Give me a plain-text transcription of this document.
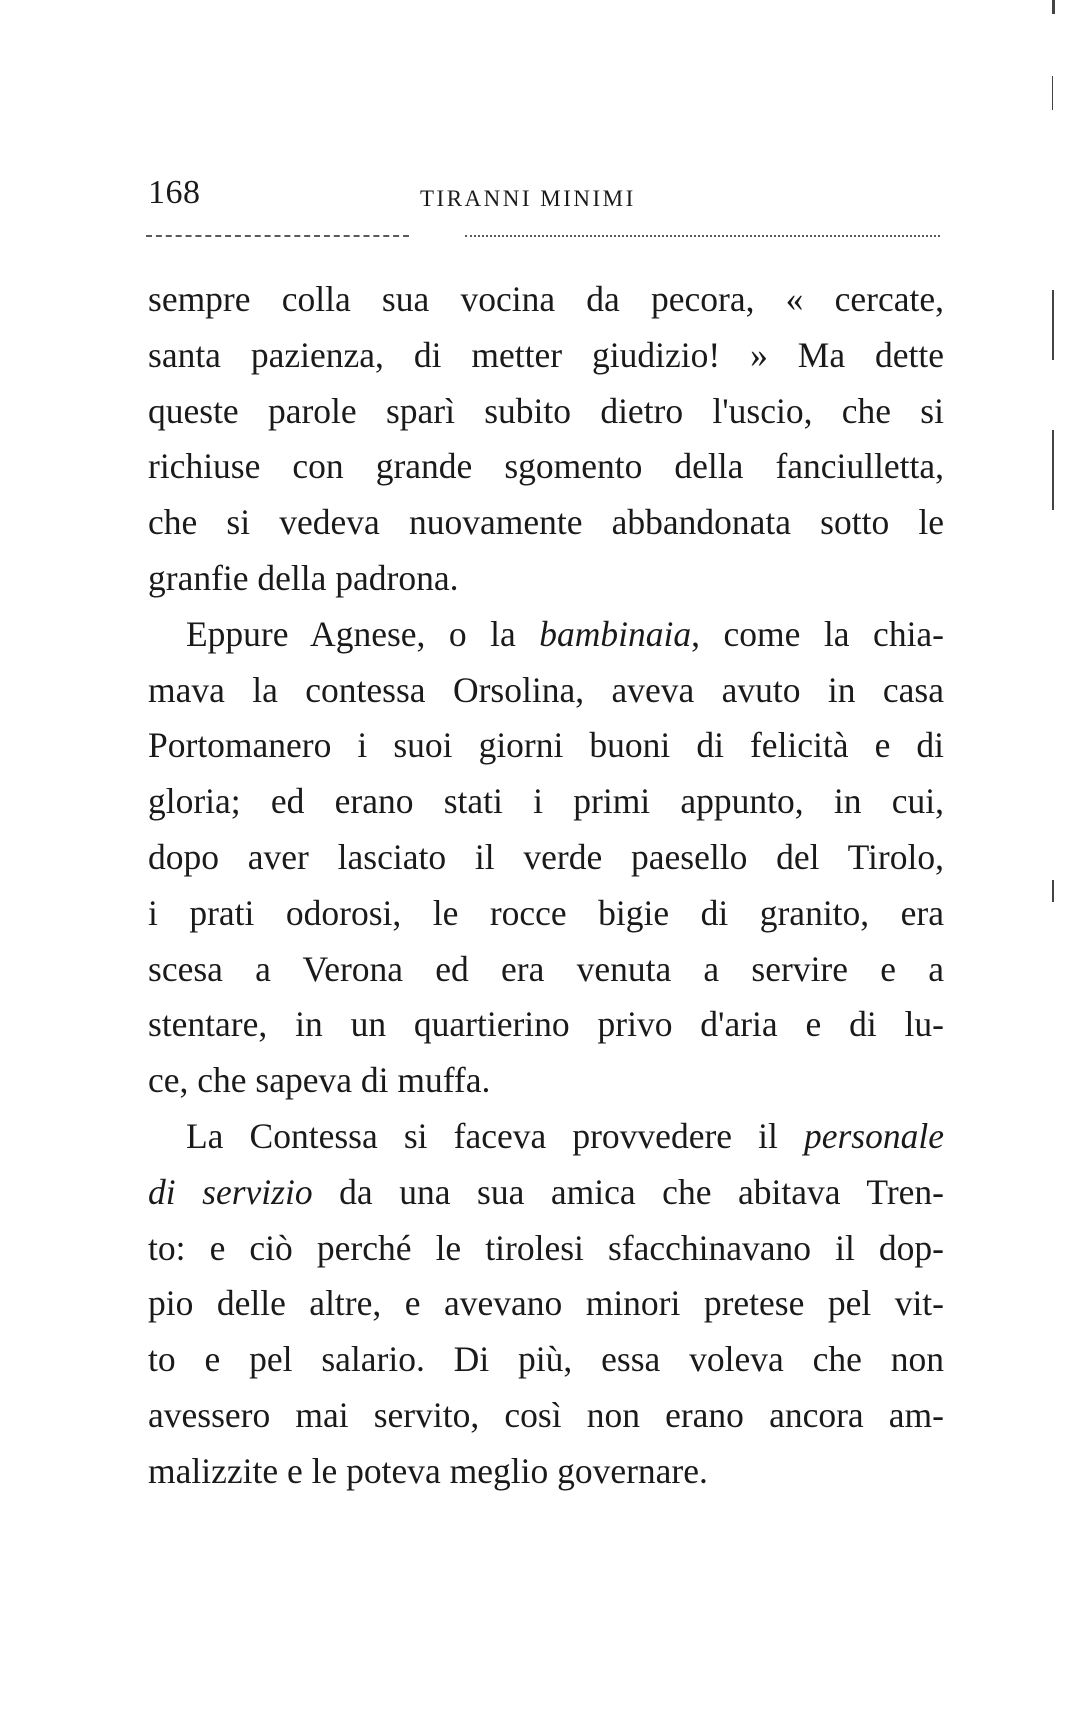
168	TIRANNI MINIMI
sempre colla sua vocina da pecora, « cercate,
santa pazienza, di metter giudizio! » Ma dette
queste parole sparì subito dietro l'uscio, che si
richiuse con grande sgomento della fanciulletta,
che si vedeva nuovamente abbandonata sotto le
granfie della padrona.
Eppure Agnese, o la bambinaia, come la chia-
mava la contessa Orsolina, aveva avuto in casa
Portomanero i suoi giorni buoni di felicità e di
gloria; ed erano stati i primi appunto, in cui,
dopo aver lasciato il verde paesello del Tirolo,
i prati odorosi, le rocce bigie di granito, era
scesa a Verona ed era venuta a servire e a
stentare, in un quartierino privo d'aria e di lu-
ce, che sapeva di muffa.
La Contessa si faceva provvedere il personale
di servizio da una sua amica che abitava Tren-
to: e ciò perché le tirolesi sfacchinavano il dop-
pio delle altre, e avevano minori pretese pel vit-
to e pel salario. Di più, essa voleva che non
avessero mai servito, così non erano ancora am-
malizzite e le poteva meglio governare.
